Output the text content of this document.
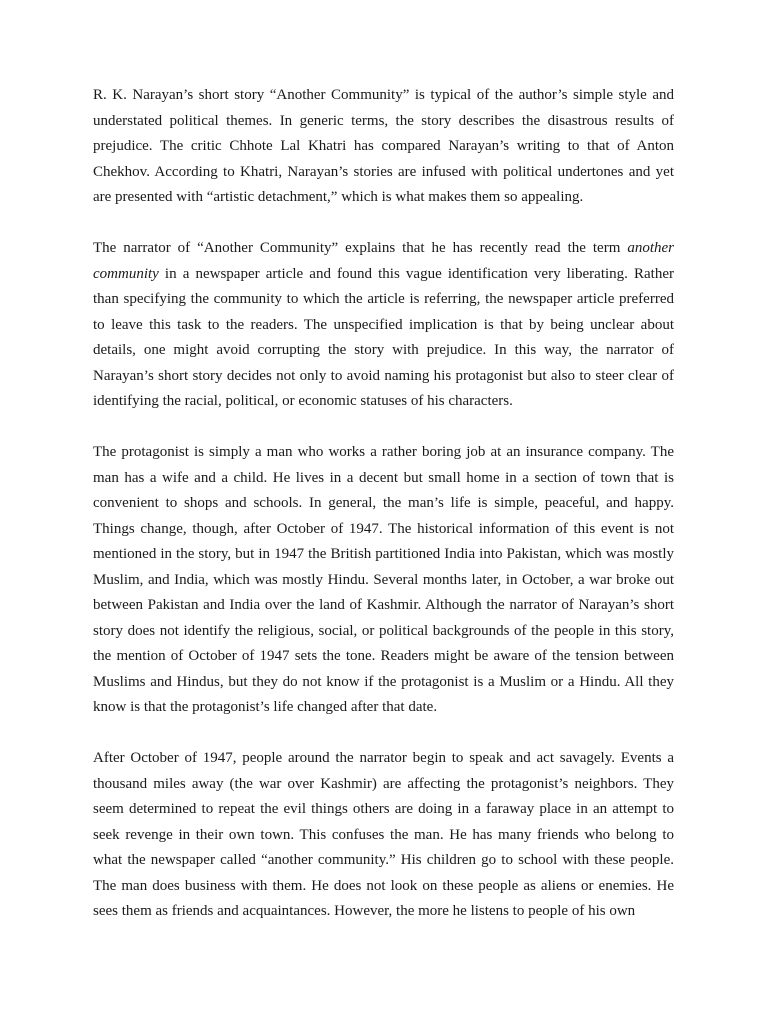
R. K. Narayan’s short story “Another Community” is typical of the author’s simple style and understated political themes. In generic terms, the story describes the disastrous results of prejudice. The critic Chhote Lal Khatri has compared Narayan’s writing to that of Anton Chekhov. According to Khatri, Narayan’s stories are infused with political undertones and yet are presented with “artistic detachment,” which is what makes them so appealing.

The narrator of “Another Community” explains that he has recently read the term another community in a newspaper article and found this vague identification very liberating. Rather than specifying the community to which the article is referring, the newspaper article preferred to leave this task to the readers. The unspecified implication is that by being unclear about details, one might avoid corrupting the story with prejudice. In this way, the narrator of Narayan’s short story decides not only to avoid naming his protagonist but also to steer clear of identifying the racial, political, or economic statuses of his characters.

The protagonist is simply a man who works a rather boring job at an insurance company. The man has a wife and a child. He lives in a decent but small home in a section of town that is convenient to shops and schools. In general, the man’s life is simple, peaceful, and happy. Things change, though, after October of 1947. The historical information of this event is not mentioned in the story, but in 1947 the British partitioned India into Pakistan, which was mostly Muslim, and India, which was mostly Hindu. Several months later, in October, a war broke out between Pakistan and India over the land of Kashmir. Although the narrator of Narayan’s short story does not identify the religious, social, or political backgrounds of the people in this story, the mention of October of 1947 sets the tone. Readers might be aware of the tension between Muslims and Hindus, but they do not know if the protagonist is a Muslim or a Hindu. All they know is that the protagonist’s life changed after that date.

After October of 1947, people around the narrator begin to speak and act savagely. Events a thousand miles away (the war over Kashmir) are affecting the protagonist’s neighbors. They seem determined to repeat the evil things others are doing in a faraway place in an attempt to seek revenge in their own town. This confuses the man. He has many friends who belong to what the newspaper called “another community.” His children go to school with these people. The man does business with them. He does not look on these people as aliens or enemies. He sees them as friends and acquaintances. However, the more he listens to people of his own
